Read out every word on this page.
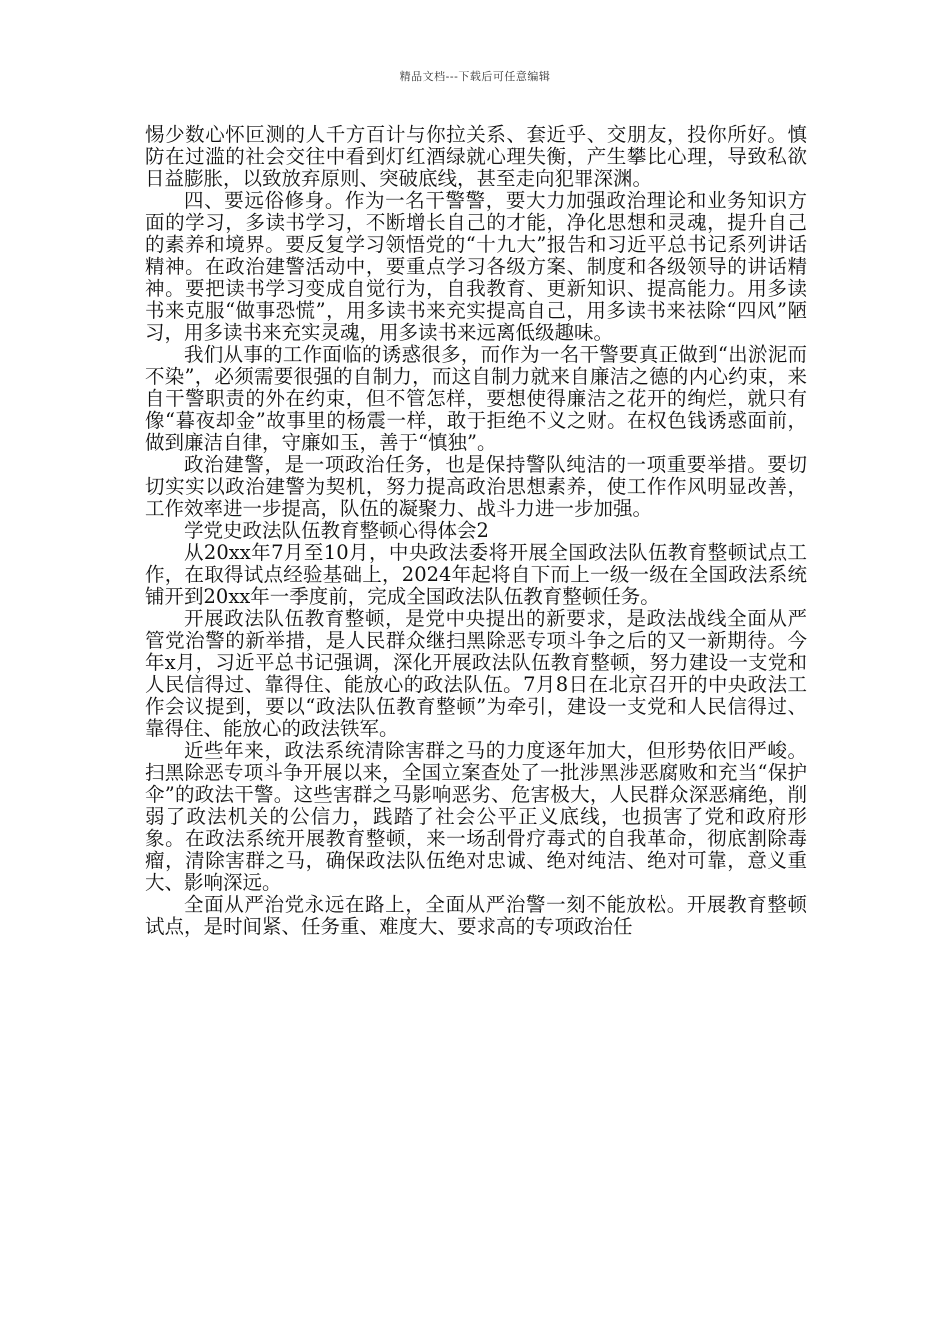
精品文档---下载后可任意编辑

惕少数心怀叵测的人千方百计与你拉关系、套近乎、交朋友，投你所好。慎防在过滥的社会交往中看到灯红酒绿就心理失衡，产生攀比心理，导致私欲日益膨胀，以致放弃原则、突破底线，甚至走向犯罪深渊。

四、要远俗修身。作为一名干警警，要大力加强政治理论和业务知识方面的学习，多读书学习，不断增长自己的才能，净化思想和灵魂，提升自己的素养和境界。要反复学习领悟党的“十九大”报告和习近平总书记系列讲话精神。在政治建警活动中，要重点学习各级方案、制度和各级领导的讲话精神。要把读书学习变成自觉行为，自我教育、更新知识、提高能力。用多读书来克服“做事恐慌”，用多读书来充实提高自己，用多读书来祛除“四风”陋习，用多读书来充实灵魂，用多读书来远离低级趣味。

我们从事的工作面临的诱惑很多，而作为一名干警要真正做到“出淤泥而不染”，必须需要很强的自制力，而这自制力就来自廉洁之德的内心约束，来自干警职责的外在约束，但不管怎样，要想使得廉洁之花开的绚烂，就只有像“暮夜却金”故事里的杨震一样，敢于拒绝不义之财。在权色钱诱惑面前，做到廉洁自律，守廉如玉，善于“慎独”。

政治建警，是一项政治任务，也是保持警队纯洁的一项重要举措。要切切实实以政治建警为契机，努力提高政治思想素养，使工作作风明显改善，工作效率进一步提高，队伍的凝聚力、战斗力进一步加强。

学党史政法队伍教育整顿心得体会2

从20xx年7月至10月，中央政法委将开展全国政法队伍教育整顿试点工作，在取得试点经验基础上，2024年起将自下而上一级一级在全国政法系统铺开到20xx年一季度前，完成全国政法队伍教育整顿任务。

开展政法队伍教育整顿，是党中央提出的新要求，是政法战线全面从严管党治警的新举措，是人民群众继扫黑除恶专项斗争之后的又一新期待。今年x月，习近平总书记强调，深化开展政法队伍教育整顿，努力建设一支党和人民信得过、靠得住、能放心的政法队伍。7月8日在北京召开的中央政法工作会议提到，要以“政法队伍教育整顿”为牵引，建设一支党和人民信得过、靠得住、能放心的政法铁军。

近些年来，政法系统清除害群之马的力度逐年加大，但形势依旧严峻。扫黑除恶专项斗争开展以来，全国立案查处了一批涉黑涉恶腐败和充当“保护伞”的政法干警。这些害群之马影响恶劣、危害极大，人民群众深恶痛绝，削弱了政法机关的公信力，践踏了社会公平正义底线，也损害了党和政府形象。在政法系统开展教育整顿，来一场刮骨疗毒式的自我革命，彻底割除毒瘤，清除害群之马，确保政法队伍绝对忠诚、绝对纯洁、绝对可靠，意义重大、影响深远。

全面从严治党永远在路上，全面从严治警一刻不能放松。开展教育整顿试点，是时间紧、任务重、难度大、要求高的专项政治任
